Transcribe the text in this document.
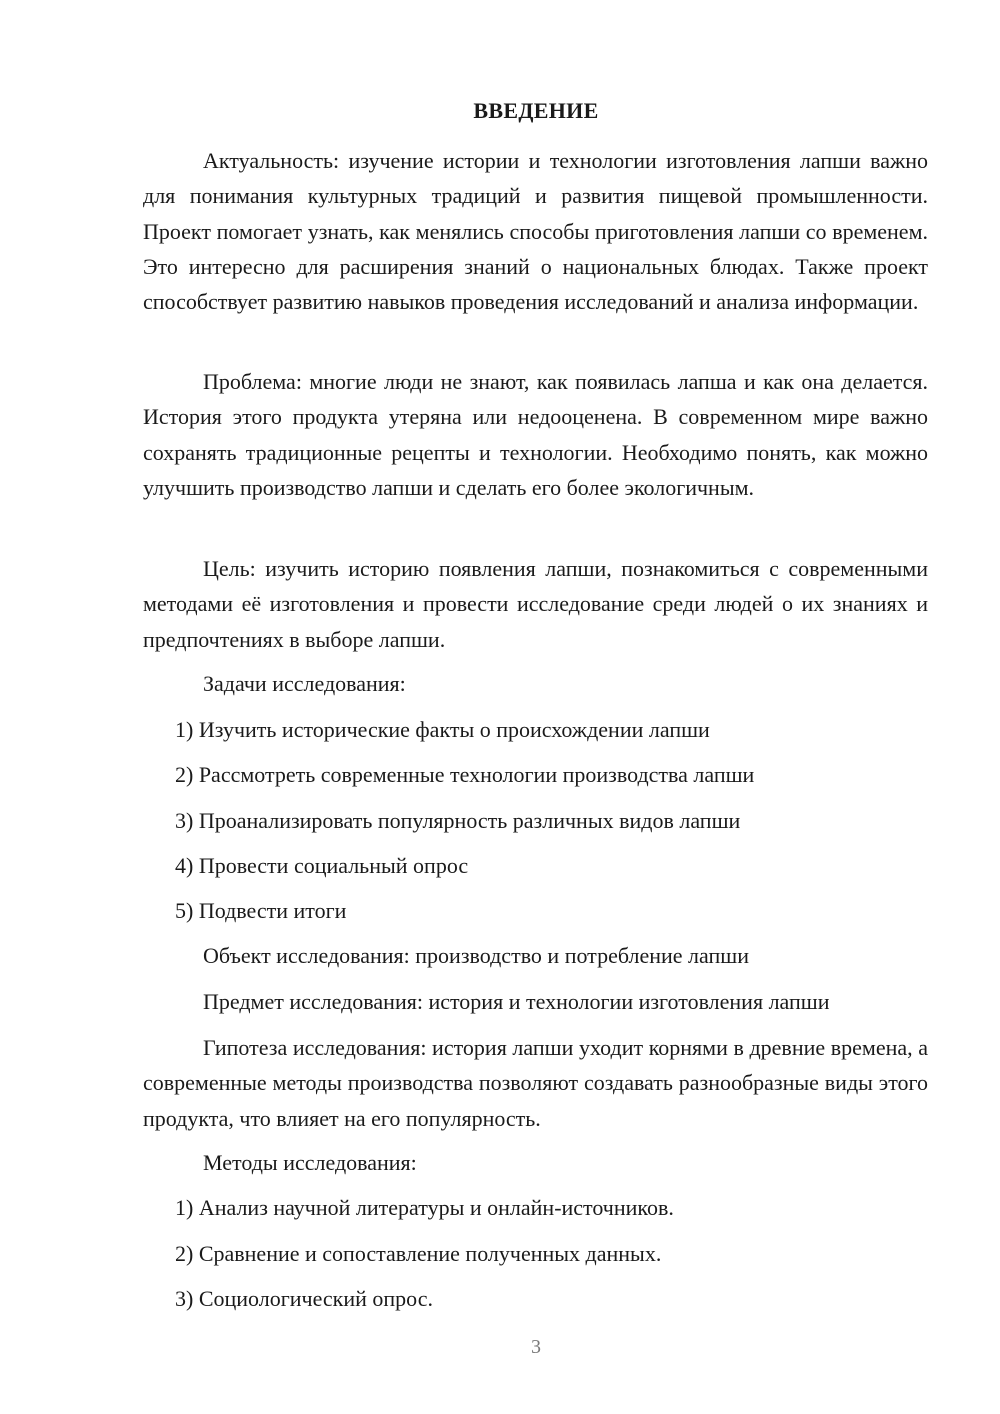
ВВЕДЕНИЕ

Актуальность: изучение истории и технологии изготовления лапши важно для понимания культурных традиций и развития пищевой промышленности. Проект помогает узнать, как менялись способы приготовления лапши со временем. Это интересно для расширения знаний о национальных блюдах. Также проект способствует развитию навыков проведения исследований и анализа информации.

Проблема: многие люди не знают, как появилась лапша и как она делается. История этого продукта утеряна или недооценена. В современном мире важно сохранять традиционные рецепты и технологии. Необходимо понять, как можно улучшить производство лапши и сделать его более экологичным.

Цель: изучить историю появления лапши, познакомиться с современными методами её изготовления и провести исследование среди людей о их знаниях и предпочтениях в выборе лапши.

Задачи исследования:

1) Изучить исторические факты о происхождении лапши

2) Рассмотреть современные технологии производства лапши

3) Проанализировать популярность различных видов лапши

4) Провести социальный опрос

5) Подвести итоги

Объект исследования: производство и потребление лапши

Предмет исследования: история и технологии изготовления лапши

Гипотеза исследования: история лапши уходит корнями в древние времена, а современные методы производства позволяют создавать разнообразные виды этого продукта, что влияет на его популярность.

Методы исследования:

1) Анализ научной литературы и онлайн-источников.

2) Сравнение и сопоставление полученных данных.

3) Социологический опрос.

3
